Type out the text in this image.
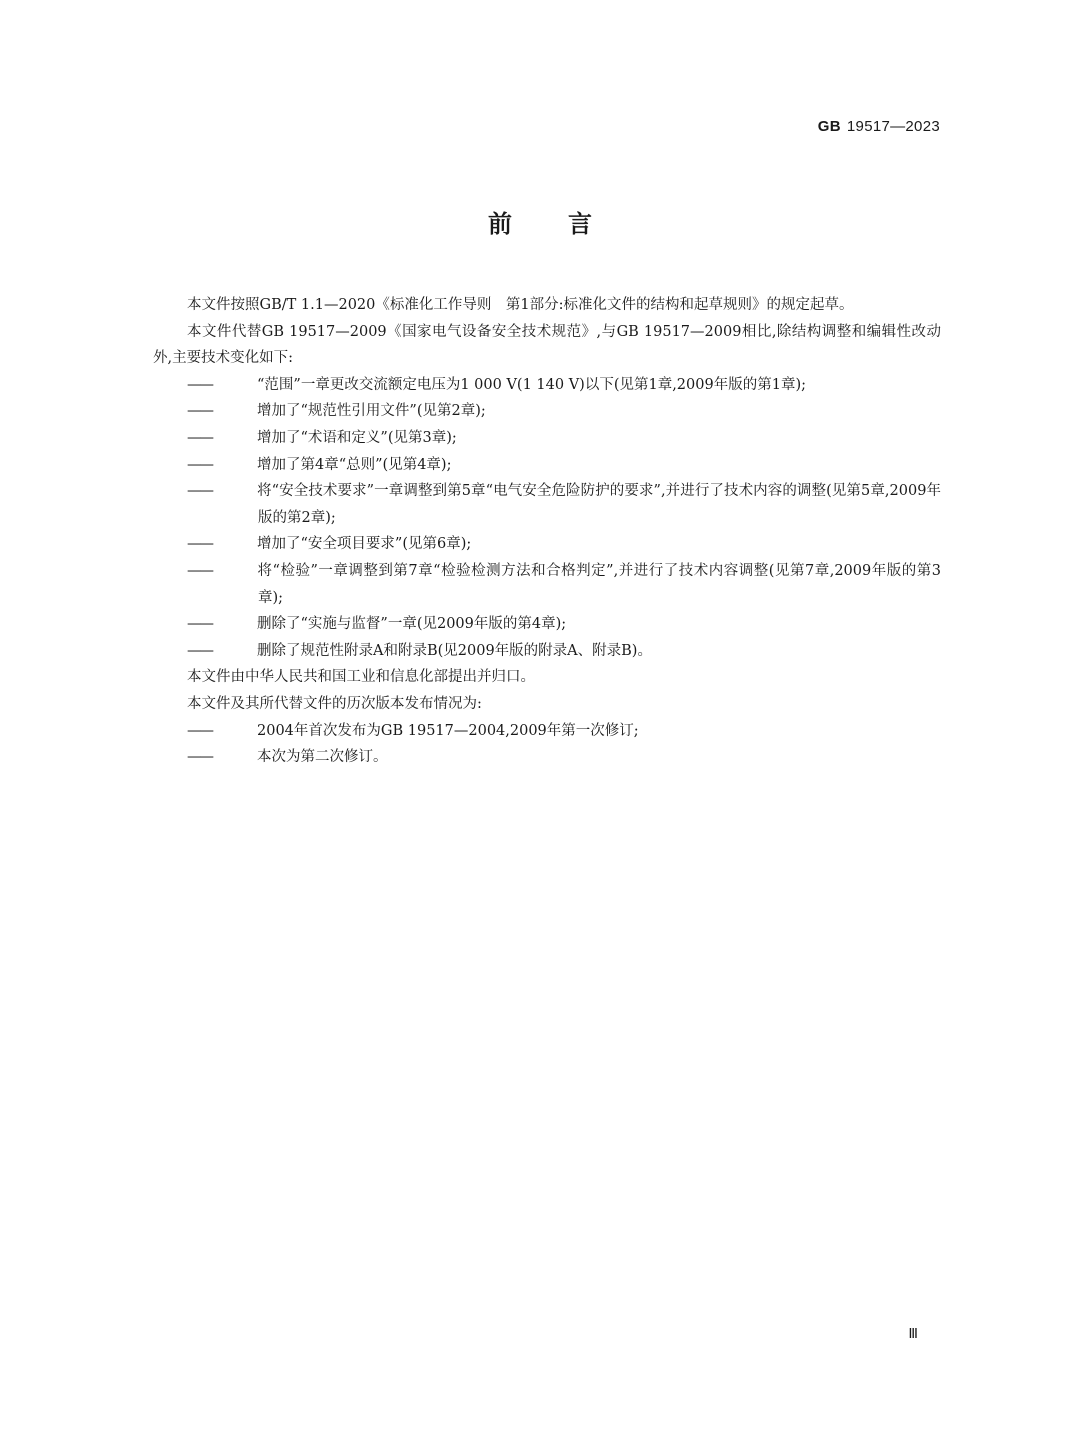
GB 19517—2023
前言

本文件按照GB/T 1.1—2020《标准化工作导则　第1部分:标准化文件的结构和起草规则》的规定起草。

本文件代替GB 19517—2009《国家电气设备安全技术规范》,与GB 19517—2009相比,除结构调整和编辑性改动外,主要技术变化如下:

——	“范围”一章更改交流额定电压为1 000 V(1 140 V)以下(见第1章,2009年版的第1章);

——	增加了“规范性引用文件”(见第2章);

——	增加了“术语和定义”(见第3章);

——	增加了第4章“总则”(见第4章);

——	将“安全技术要求”一章调整到第5章“电气安全危险防护的要求”,并进行了技术内容的调整(见第5章,2009年版的第2章);

——	增加了“安全项目要求”(见第6章);

——	将“检验”一章调整到第7章“检验检测方法和合格判定”,并进行了技术内容调整(见第7章,2009年版的第3章);

——	删除了“实施与监督”一章(见2009年版的第4章);

——	删除了规范性附录A和附录B(见2009年版的附录A、附录B)。

本文件由中华人民共和国工业和信息化部提出并归口。

本文件及其所代替文件的历次版本发布情况为:

——	2004年首次发布为GB 19517—2004,2009年第一次修订;

——	本次为第二次修订。

Ⅲ
